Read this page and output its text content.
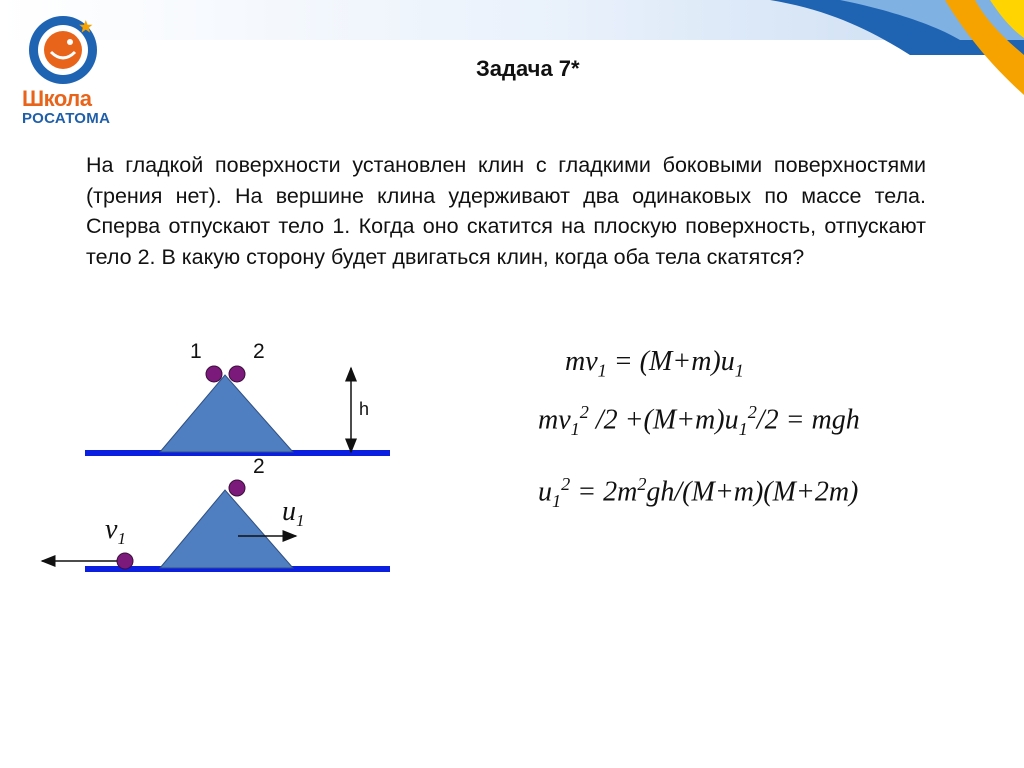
Школа
РОСАТОМА
Задача 7*
На гладкой поверхности установлен клин с гладкими боковыми поверхностями (трения нет). На вершине клина удерживают два одинаковых по массе тела. Сперва отпускают тело 1. Когда оно скатится на плоскую поверхность, отпускают тело 2. В какую сторону будет двигаться клин, когда оба тела скатятся?
1 2
h
2
$v_1$
$u_1$
$mv_1 = (M+m)u_1$
$mv_1^2$ $/2 +(M+m)u_1^2/2$ = mgh
$u_1^2 = 2m^2gh/(M+m)(M+2m)$
